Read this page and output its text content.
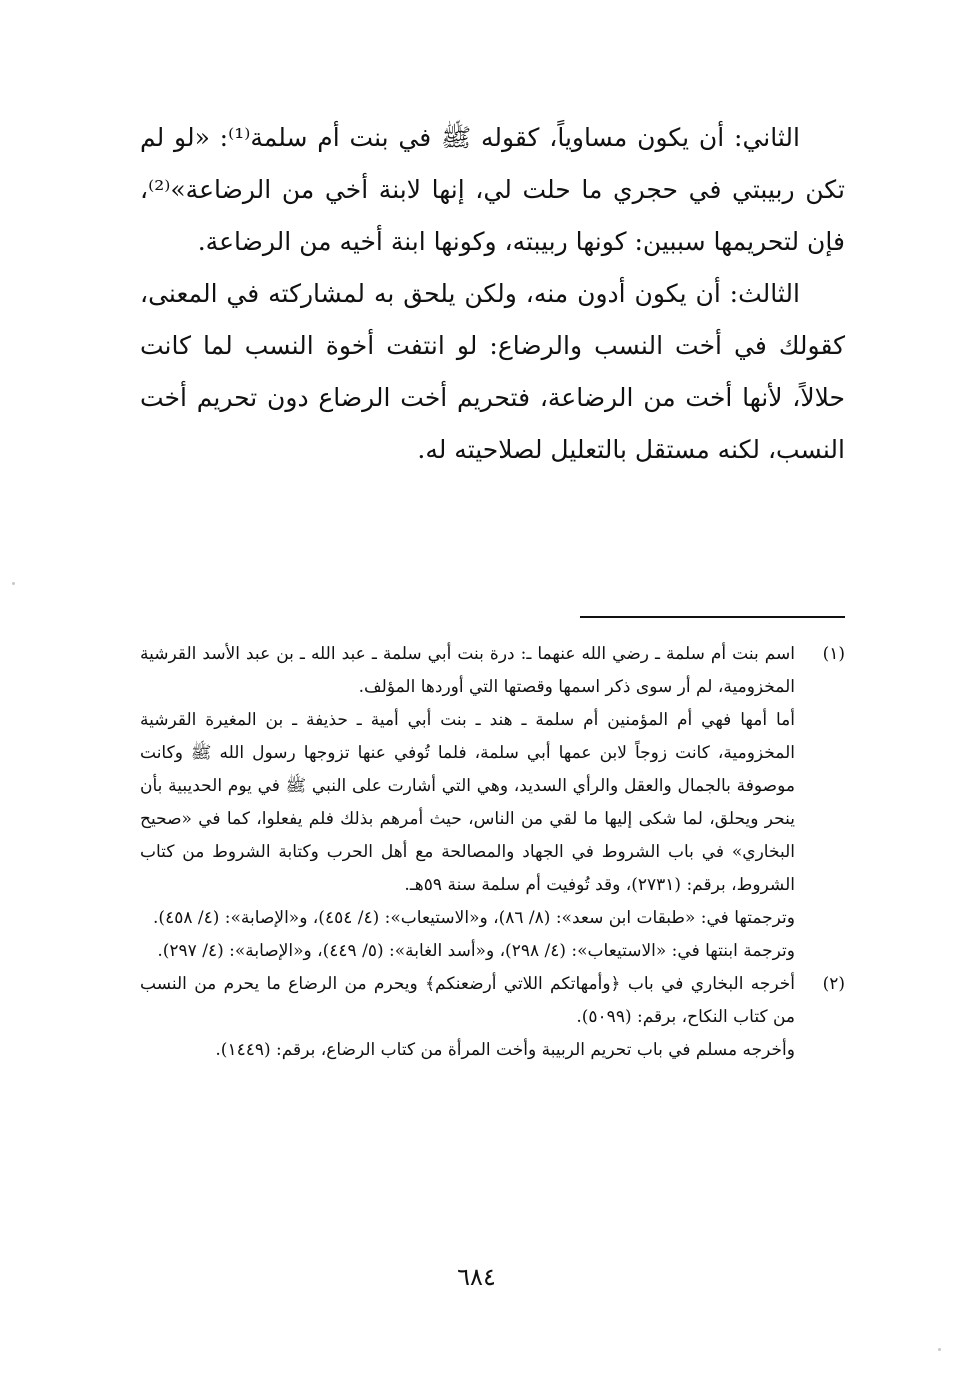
الثاني: أن يكون مساوياً، كقوله ﷺ في بنت أم سلمة⁽¹⁾: «لو لم تكن ربيبتي في حجري ما حلت لي، إنها لابنة أخي من الرضاعة»⁽²⁾، فإن لتحريمها سببين: كونها ربيبته، وكونها ابنة أخيه من الرضاعة.

الثالث: أن يكون أدون منه، ولكن يلحق به لمشاركته في المعنى، كقولك في أخت النسب والرضاع: لو انتفت أخوة النسب لما كانت حلالاً، لأنها أخت من الرضاعة، فتحريم أخت الرضاع دون تحريم أخت النسب، لكنه مستقل بالتعليل لصلاحيته له.

(١)

اسم بنت أم سلمة ـ رضي الله عنهما ـ: درة بنت أبي سلمة ـ عبد الله ـ بن عبد الأسد القرشية المخزومية، لم أر سوى ذكر اسمها وقصتها التي أوردها المؤلف.

أما أمها فهي أم المؤمنين أم سلمة ـ هند ـ بنت أبي أمية ـ حذيفة ـ بن المغيرة القرشية المخزومية، كانت زوجاً لابن عمها أبي سلمة، فلما تُوفي عنها تزوجها رسول الله ﷺ وكانت موصوفة بالجمال والعقل والرأي السديد، وهي التي أشارت على النبي ﷺ في يوم الحديبية بأن ينحر ويحلق، لما شكى إليها ما لقي من الناس، حيث أمرهم بذلك فلم يفعلوا، كما في «صحيح البخاري» في باب الشروط في الجهاد والمصالحة مع أهل الحرب وكتابة الشروط من كتاب الشروط، برقم: (٢٧٣١)، وقد تُوفيت أم سلمة سنة ٥٩هـ.

وترجمتها في: «طبقات ابن سعد»: (٨/ ٨٦)، و«الاستيعاب»: (٤/ ٤٥٤)، و«الإصابة»: (٤/ ٤٥٨).

وترجمة ابنتها في: «الاستيعاب»: (٤/ ٢٩٨)، و«أسد الغابة»: (٥/ ٤٤٩)، و«الإصابة»: (٤/ ٢٩٧).

(٢)

أخرجه البخاري في باب ﴿وأمهاتكم اللاتي أرضعنكم﴾ ويحرم من الرضاع ما يحرم من النسب من كتاب النكاح، برقم: (٥٠٩٩).

وأخرجه مسلم في باب تحريم الربيبة وأخت المرأة من كتاب الرضاع، برقم: (١٤٤٩).

٦٨٤
